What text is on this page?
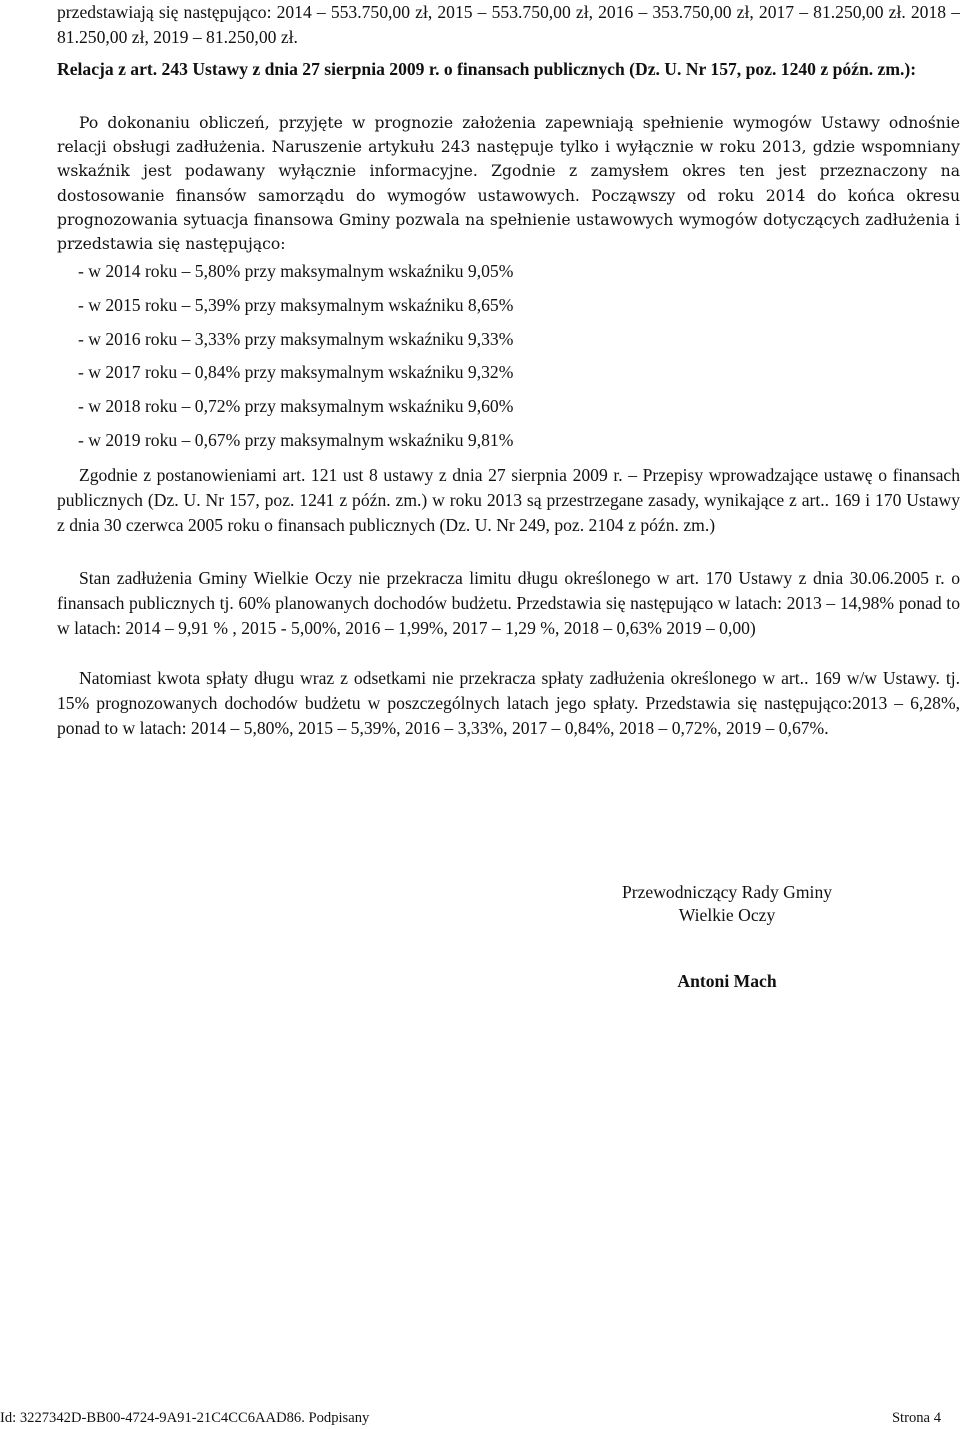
przedstawiają się następująco: 2014 – 553.750,00 zł, 2015 – 553.750,00 zł, 2016 – 353.750,00 zł, 2017 – 81.250,00 zł. 2018 – 81.250,00 zł, 2019 – 81.250,00 zł.

Relacja z art. 243 Ustawy z dnia 27 sierpnia 2009 r. o finansach publicznych (Dz. U. Nr 157, poz. 1240 z późn. zm.):

Po dokonaniu obliczeń, przyjęte w prognozie założenia zapewniają spełnienie wymogów Ustawy odnośnie relacji obsługi zadłużenia. Naruszenie artykułu 243 następuje tylko i wyłącznie w roku 2013, gdzie wspomniany wskaźnik jest podawany wyłącznie informacyjne. Zgodnie z zamysłem okres ten jest przeznaczony na dostosowanie finansów samorządu do wymogów ustawowych. Począwszy od roku 2014 do końca okresu prognozowania sytuacja finansowa Gminy pozwala na spełnienie ustawowych wymogów dotyczących zadłużenia i przedstawia się następująco:

- w 2014 roku – 5,80% przy maksymalnym wskaźniku 9,05%
- w 2015 roku – 5,39% przy maksymalnym wskaźniku 8,65%
- w 2016 roku – 3,33% przy maksymalnym wskaźniku 9,33%
- w 2017 roku – 0,84% przy maksymalnym wskaźniku 9,32%
- w 2018 roku – 0,72% przy maksymalnym wskaźniku 9,60%
- w 2019 roku – 0,67% przy maksymalnym wskaźniku 9,81%

Zgodnie z postanowieniami art. 121 ust 8 ustawy z dnia 27 sierpnia 2009 r. – Przepisy wprowadzające ustawę o finansach publicznych (Dz. U. Nr 157, poz. 1241 z późn. zm.) w roku 2013 są przestrzegane zasady, wynikające z art.. 169 i 170 Ustawy z dnia 30 czerwca 2005 roku o finansach publicznych (Dz. U. Nr 249, poz. 2104 z późn. zm.)

Stan zadłużenia Gminy Wielkie Oczy nie przekracza limitu długu określonego w art. 170 Ustawy z dnia 30.06.2005 r. o finansach publicznych tj. 60% planowanych dochodów budżetu. Przedstawia się następująco w latach: 2013 – 14,98% ponad to w latach: 2014 – 9,91 % , 2015 - 5,00%, 2016 – 1,99%, 2017 – 1,29 %, 2018 – 0,63% 2019 – 0,00)

Natomiast kwota spłaty długu wraz z odsetkami nie przekracza spłaty zadłużenia określonego w art.. 169 w/w Ustawy. tj. 15% prognozowanych dochodów budżetu w poszczególnych latach jego spłaty. Przedstawia się następująco:2013 – 6,28%, ponad to w latach: 2014 – 5,80%, 2015 – 5,39%, 2016 – 3,33%, 2017 – 0,84%, 2018 – 0,72%, 2019 – 0,67%.

Przewodniczący Rady Gminy
Wielkie Oczy
Antoni Mach
Id: 3227342D-BB00-4724-9A91-21C4CC6AAD86. Podpisany	Strona 4
